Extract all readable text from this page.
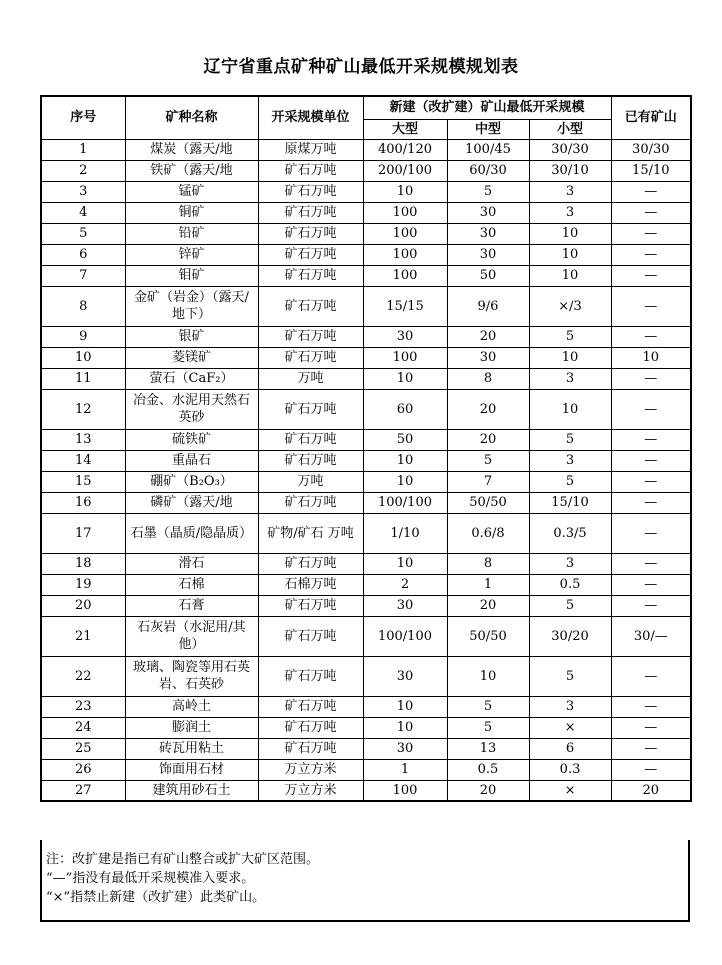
辽宁省重点矿种矿山最低开采规模规划表
序号	矿种名称	开采规模单位	新建（改扩建）矿山最低开采规模			已有矿山
			大型	中型	小型	
1	煤炭（露天/地	原煤万吨	400/120	100/45	30/30	30/30
2	铁矿（露天/地	矿石万吨	200/100	60/30	30/10	15/10
3	锰矿	矿石万吨	10	5	3	—
4	铜矿	矿石万吨	100	30	3	—
5	铅矿	矿石万吨	100	30	10	—
6	锌矿	矿石万吨	100	30	10	—
7	钼矿	矿石万吨	100	50	10	—
8	金矿（岩金）（露天/地下）	矿石万吨	15/15	9/6	×/3	—
9	银矿	矿石万吨	30	20	5	—
10	菱镁矿	矿石万吨	100	30	10	10
11	萤石（CaF₂）	万吨	10	8	3	—
12	冶金、水泥用天然石英砂	矿石万吨	60	20	10	—
13	硫铁矿	矿石万吨	50	20	5	—
14	重晶石	矿石万吨	10	5	3	—
15	硼矿（B₂O₃）	万吨	10	7	5	—
16	磷矿（露天/地	矿石万吨	100/100	50/50	15/10	—
17	石墨（晶质/隐晶质）	矿物/矿石 万吨	1/10	0.6/8	0.3/5	—
18	滑石	矿石万吨	10	8	3	—
19	石棉	石棉万吨	2	1	0.5	—
20	石膏	矿石万吨	30	20	5	—
21	石灰岩（水泥用/其他）	矿石万吨	100/100	50/50	30/20	30/—
22	玻璃、陶瓷等用石英岩、石英砂	矿石万吨	30	10	5	—
23	高岭土	矿石万吨	10	5	3	—
24	膨润土	矿石万吨	10	5	×	—
25	砖瓦用粘土	矿石万吨	30	13	6	—
26	饰面用石材	万立方米	1	0.5	0.3	—
27	建筑用砂石土	万立方米	100	20	×	20
注：改扩建是指已有矿山整合或扩大矿区范围。
“—”指没有最低开采规模准入要求。
“×”指禁止新建（改扩建）此类矿山。
